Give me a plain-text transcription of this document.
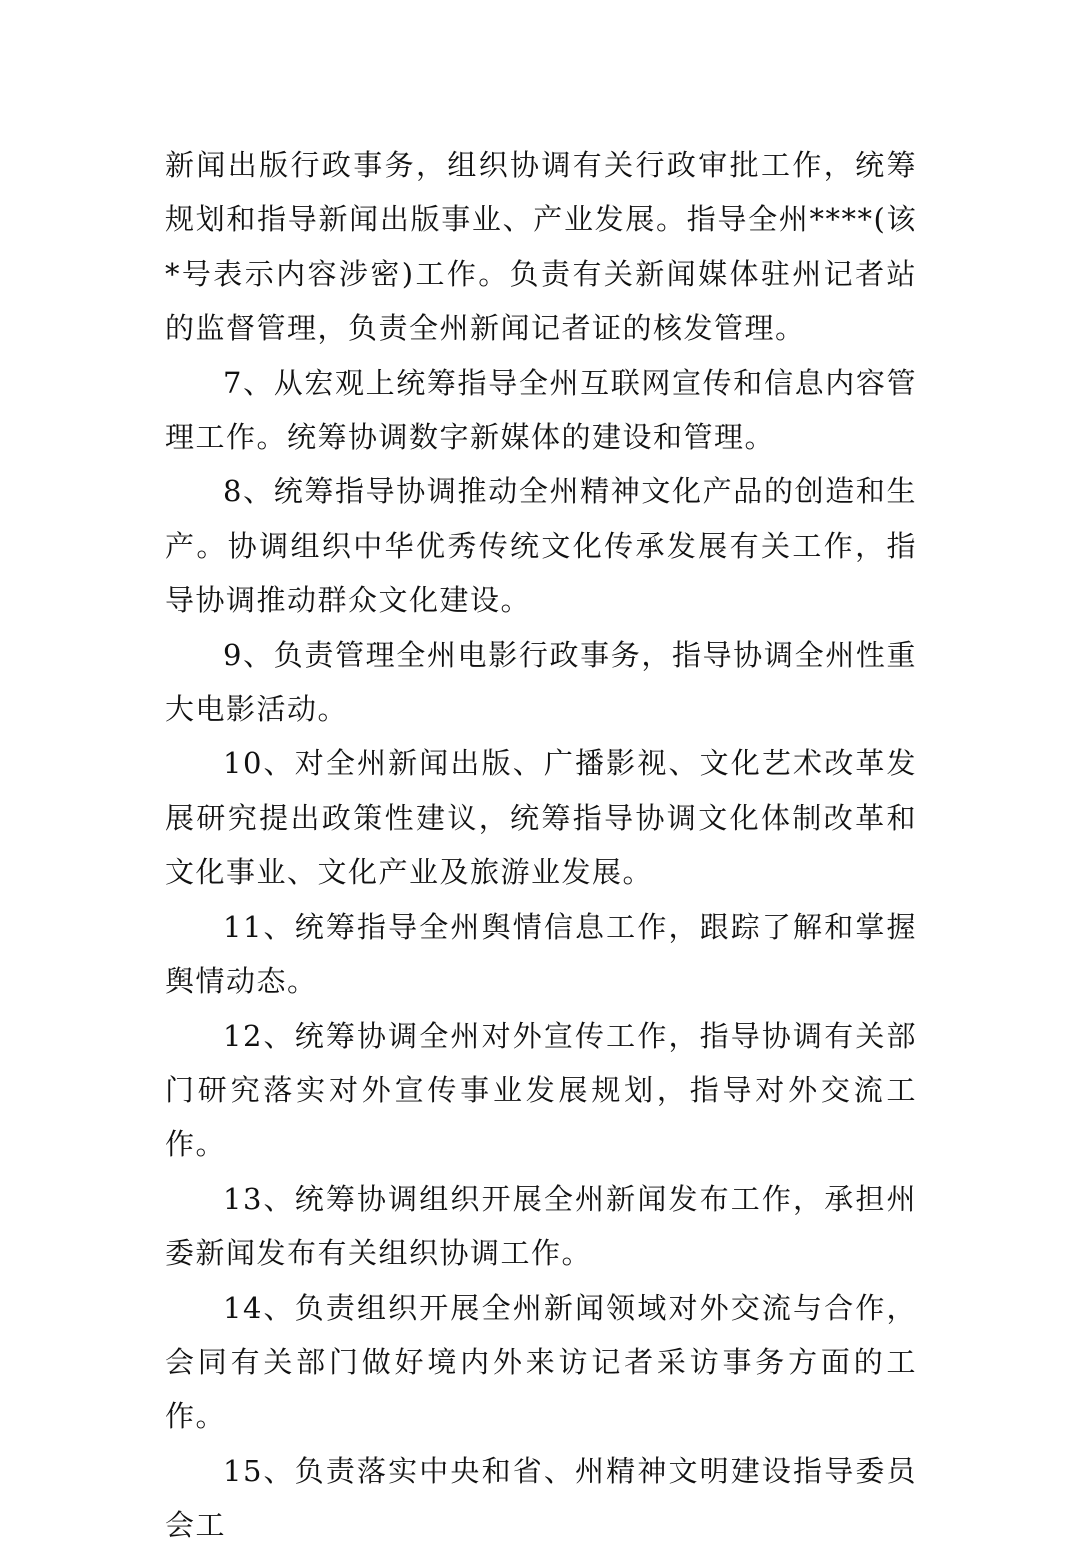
新闻出版行政事务，组织协调有关行政审批工作，统筹规划和指导新闻出版事业、产业发展。指导全州****(该*号表示内容涉密)工作。负责有关新闻媒体驻州记者站的监督管理，负责全州新闻记者证的核发管理。

7、从宏观上统筹指导全州互联网宣传和信息内容管理工作。统筹协调数字新媒体的建设和管理。

8、统筹指导协调推动全州精神文化产品的创造和生产。协调组织中华优秀传统文化传承发展有关工作，指导协调推动群众文化建设。

9、负责管理全州电影行政事务，指导协调全州性重大电影活动。

10、对全州新闻出版、广播影视、文化艺术改革发展研究提出政策性建议，统筹指导协调文化体制改革和文化事业、文化产业及旅游业发展。

11、统筹指导全州舆情信息工作，跟踪了解和掌握舆情动态。

12、统筹协调全州对外宣传工作，指导协调有关部门研究落实对外宣传事业发展规划，指导对外交流工作。

13、统筹协调组织开展全州新闻发布工作，承担州委新闻发布有关组织协调工作。

14、负责组织开展全州新闻领域对外交流与合作，会同有关部门做好境内外来访记者采访事务方面的工作。

15、负责落实中央和省、州精神文明建设指导委员会工
